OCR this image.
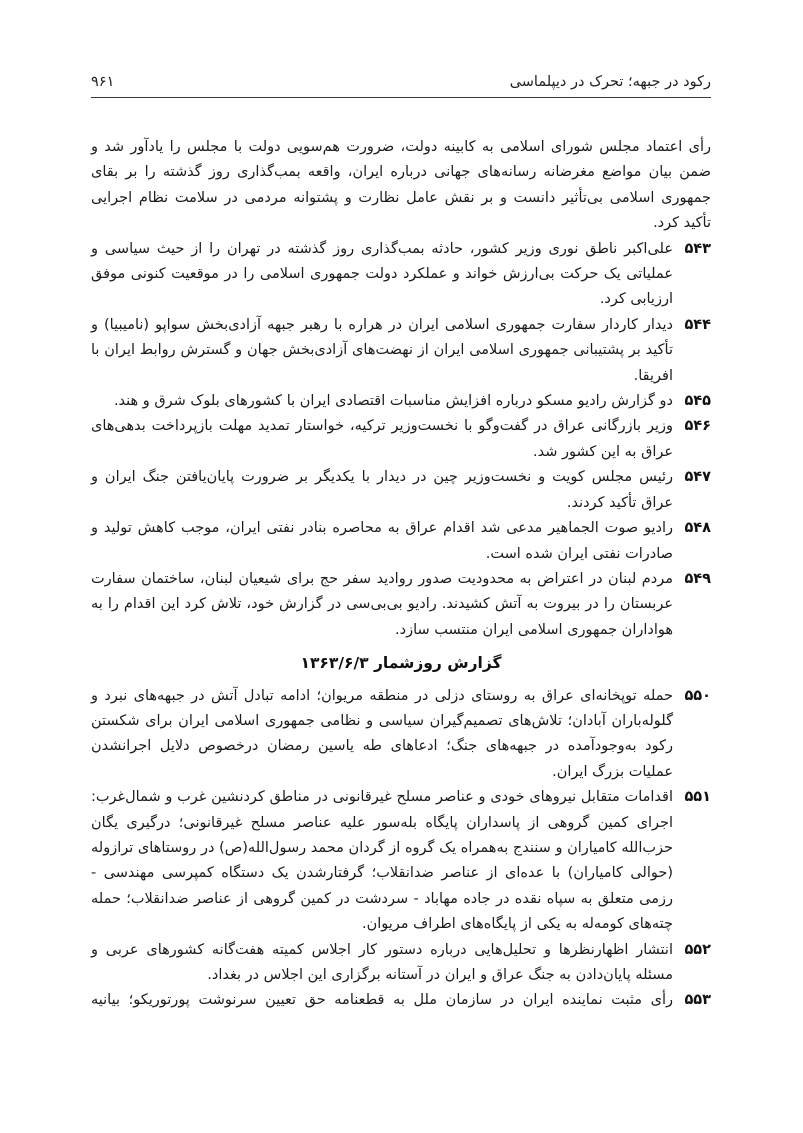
رکود در جبهه؛ تحرک در دیپلماسی
۹۶۱

رأی اعتماد مجلس شورای اسلامی به کابینه دولت، ضرورت هم‌سویی دولت با مجلس را یادآور شد و ضمن بیان مواضع مغرضانه رسانه‌های جهانی درباره ایران، واقعه بمب‌گذاری روز گذشته را بر بقای جمهوری اسلامی بی‌تأثیر دانست و بر نقش عامل نظارت و پشتوانه مردمی در سلامت نظام اجرایی تأکید کرد.

۵۴۳
علی‌اکبر ناطق نوری وزیر کشور، حادثه بمب‌گذاری روز گذشته در تهران را از حیث سیاسی و عملیاتی یک حرکت بی‌ارزش خواند و عملکرد دولت جمهوری اسلامی را در موقعیت کنونی موفق ارزیابی کرد.
۵۴۴
دیدار کاردار سفارت جمهوری اسلامی ایران در هراره با رهبر جبهه آزادی‌بخش سواپو (نامیبیا) و تأکید بر پشتیبانی جمهوری اسلامی ایران از نهضت‌های آزادی‌بخش جهان و گسترش روابط ایران با افریقا.
۵۴۵
دو گزارش رادیو مسکو درباره افزایش مناسبات اقتصادی ایران با کشورهای بلوک شرق و هند.
۵۴۶
وزیر بازرگانی عراق در گفت‌وگو با نخست‌وزیر ترکیه، خواستار تمدید مهلت بازپرداخت بدهی‌های عراق به این کشور شد.
۵۴۷
رئیس مجلس کویت و نخست‌وزیر چین در دیدار با یکدیگر بر ضرورت پایان‌یافتن جنگ ایران و عراق تأکید کردند.
۵۴۸
رادیو صوت الجماهیر مدعی شد اقدام عراق به محاصره بنادر نفتی ایران، موجب کاهش تولید و صادرات نفتی ایران شده است.
۵۴۹
مردم لبنان در اعتراض به محدودیت صدور روادید سفر حج برای شیعیان لبنان، ساختمان سفارت عربستان را در بیروت به آتش کشیدند. رادیو بی‌بی‌سی در گزارش خود، تلاش کرد این اقدام را به هواداران جمهوری اسلامی ایران منتسب سازد.
گزارش روزشمار ۱۳۶۳/۶/۳
۵۵۰
حمله توپخانه‌ای عراق به روستای دزلی در منطقه مریوان؛ ادامه تبادل آتش در جبهه‌های نبرد و گلوله‌باران آبادان؛ تلاش‌های تصمیم‌گیران سیاسی و نظامی جمهوری اسلامی ایران برای شکستن رکود به‌وجودآمده در جبهه‌های جنگ؛ ادعاهای طه یاسین رمضان درخصوص دلایل اجرانشدن عملیات بزرگ ایران.
۵۵۱
اقدامات متقابل نیروهای خودی و عناصر مسلح غیرقانونی در مناطق کردنشین غرب و شمال‌غرب: اجرای کمین گروهی از پاسداران پایگاه بله‌سور علیه عناصر مسلح غیرقانونی؛ درگیری یگان حزب‌الله کامیاران و سنندج به‌همراه یک گروه از گردان محمد رسول‌الله(ص) در روستاهای ترازوله (حوالی کامیاران) با عده‌ای از عناصر ضدانقلاب؛ گرفتارشدن یک دستگاه کمپرسی مهندسی - رزمی متعلق به سپاه نقده در جاده مهاباد - سردشت در کمین گروهی از عناصر ضدانقلاب؛ حمله چته‌های کومه‌له به یکی از پایگاه‌های اطراف مریوان.
۵۵۲
انتشار اظهارنظرها و تحلیل‌هایی درباره دستور کار اجلاس کمیته هفت‌گانه کشورهای عربی و مسئله پایان‌دادن به جنگ عراق و ایران در آستانه برگزاری این اجلاس در بغداد.
۵۵۳
رأی مثبت نماینده ایران در سازمان ملل به قطعنامه حق تعیین سرنوشت پورتوریکو؛ بیانیه
